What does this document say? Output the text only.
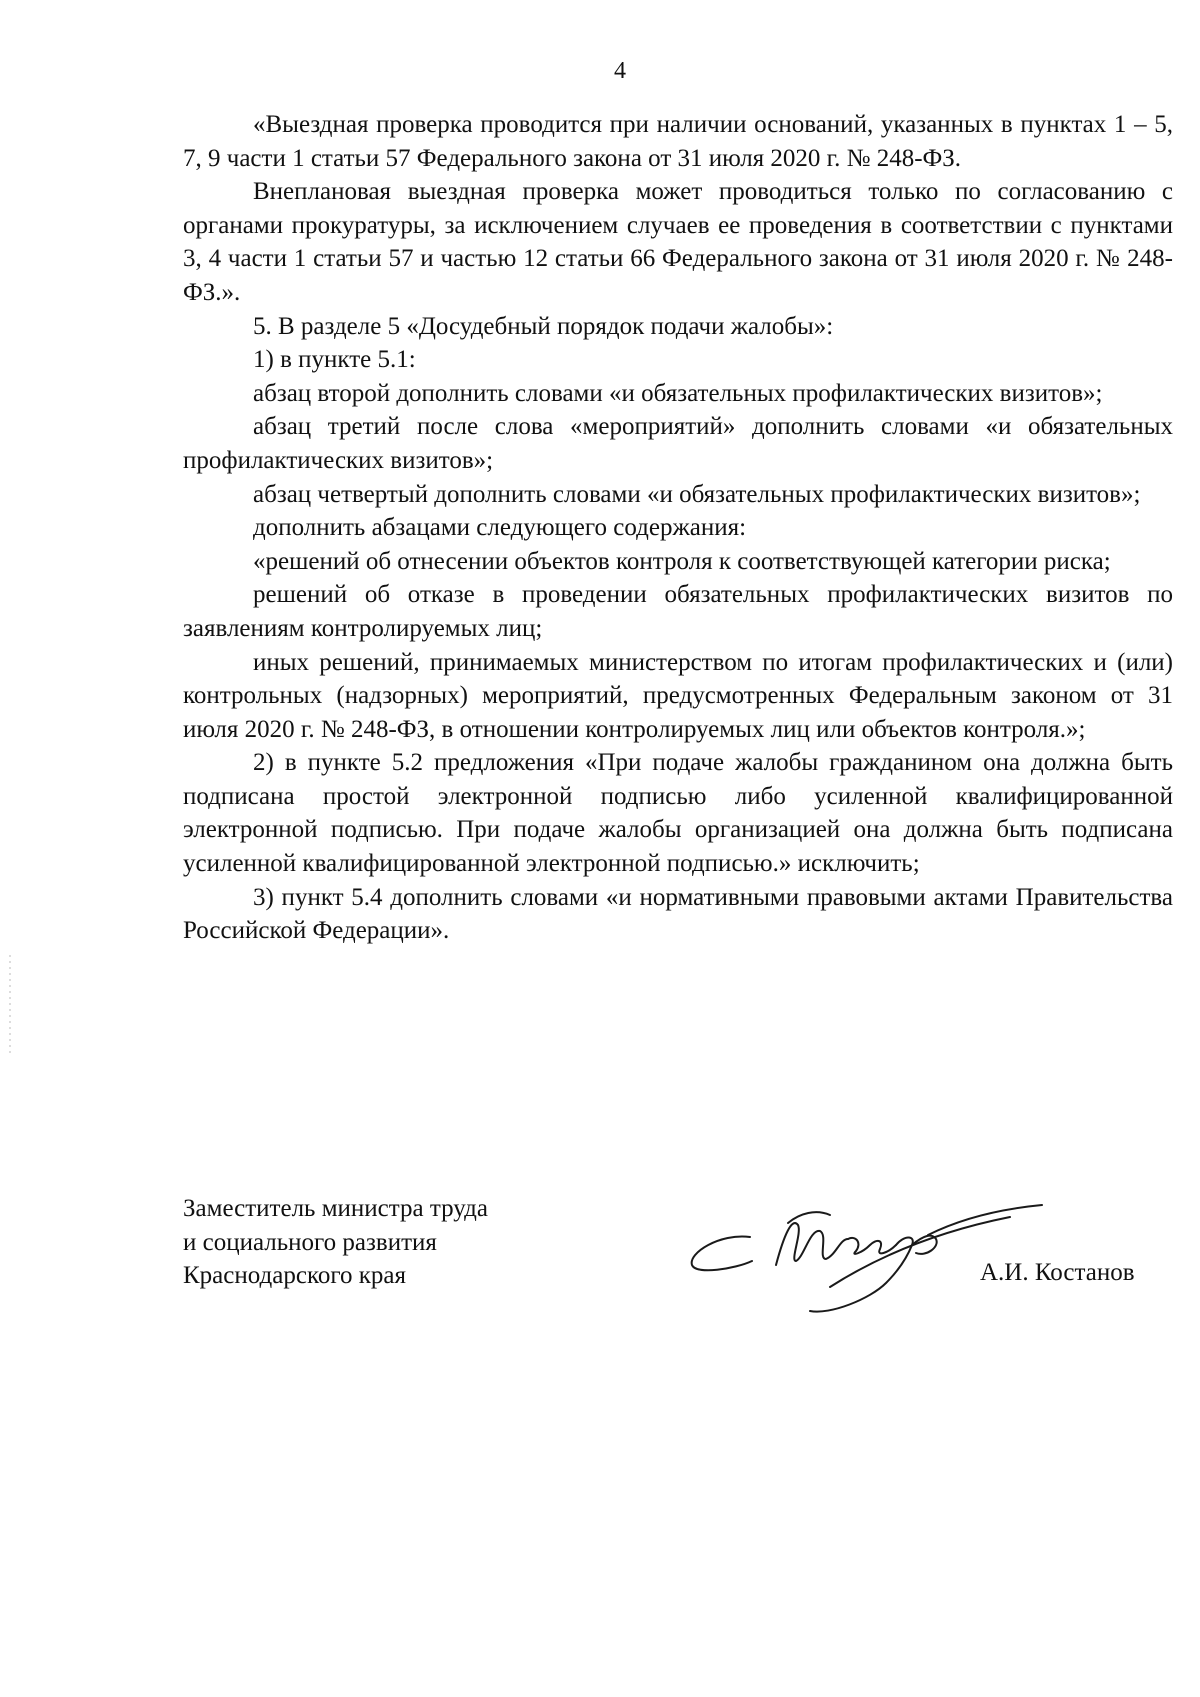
4

«Выездная проверка проводится при наличии оснований, указанных в пунктах 1 – 5, 7, 9 части 1 статьи 57 Федерального закона от 31 июля 2020 г. № 248-ФЗ.

Внеплановая выездная проверка может проводиться только по согласованию с органами прокуратуры, за исключением случаев ее проведения в соответствии с пунктами 3, 4 части 1 статьи 57 и частью 12 статьи 66 Федерального закона от 31 июля 2020 г. № 248-ФЗ.».

5. В разделе 5 «Досудебный порядок подачи жалобы»:

1) в пункте 5.1:

абзац второй дополнить словами «и обязательных профилактических визитов»;

абзац третий после слова «мероприятий» дополнить словами «и обязательных профилактических визитов»;

абзац четвертый дополнить словами «и обязательных профилактических визитов»;

дополнить абзацами следующего содержания:

«решений об отнесении объектов контроля к соответствующей категории риска;

решений об отказе в проведении обязательных профилактических визитов по заявлениям контролируемых лиц;

иных решений, принимаемых министерством по итогам профилактических и (или) контрольных (надзорных) мероприятий, предусмотренных Федеральным законом от 31 июля 2020 г. № 248-ФЗ, в отношении контролируемых лиц или объектов контроля.»;

2) в пункте 5.2 предложения «При подаче жалобы гражданином она должна быть подписана простой электронной подписью либо усиленной квалифицированной электронной подписью. При подаче жалобы организацией она должна быть подписана усиленной квалифицированной электронной подписью.» исключить;

3) пункт 5.4 дополнить словами «и нормативными правовыми актами Правительства Российской Федерации».

Заместитель министра труда
и социального развития
Краснодарского края	А.И. Костанов
